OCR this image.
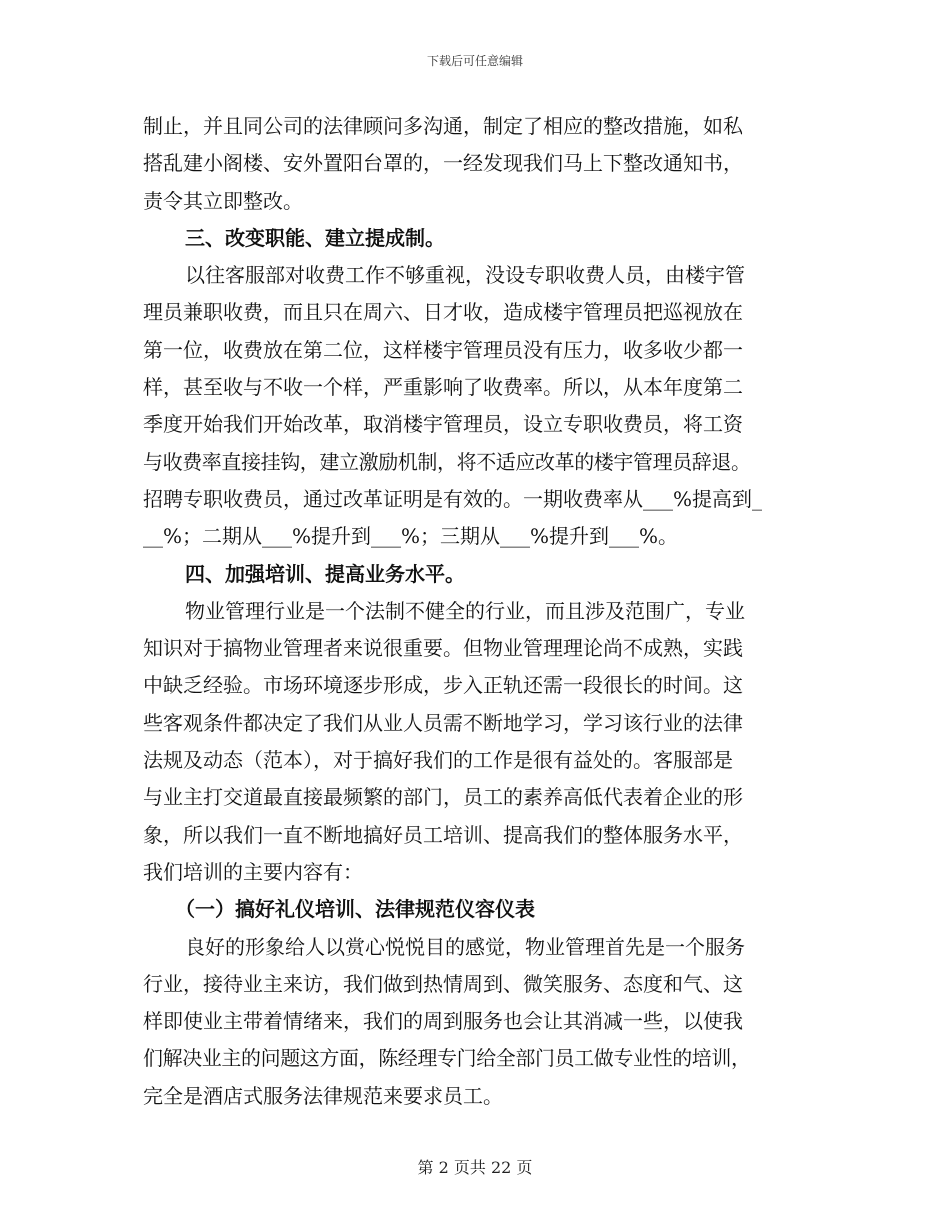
下载后可任意编辑
制止，并且同公司的法律顾问多沟通，制定了相应的整改措施，如私
搭乱建小阁楼、安外置阳台罩的，一经发现我们马上下整改通知书，
责令其立即整改。
三、改变职能、建立提成制。
以往客服部对收费工作不够重视，没设专职收费人员，由楼宇管
理员兼职收费，而且只在周六、日才收，造成楼宇管理员把巡视放在
第一位，收费放在第二位，这样楼宇管理员没有压力，收多收少都一
样，甚至收与不收一个样，严重影响了收费率。所以，从本年度第二
季度开始我们开始改革，取消楼宇管理员，设立专职收费员，将工资
与收费率直接挂钩，建立激励机制，将不适应改革的楼宇管理员辞退。
招聘专职收费员，通过改革证明是有效的。一期收费率从___%提高到_
__%；二期从___%提升到___%；三期从___%提升到___%。
四、加强培训、提高业务水平。
物业管理行业是一个法制不健全的行业，而且涉及范围广，专业
知识对于搞物业管理者来说很重要。但物业管理理论尚不成熟，实践
中缺乏经验。市场环境逐步形成，步入正轨还需一段很长的时间。这
些客观条件都决定了我们从业人员需不断地学习，学习该行业的法律
法规及动态（范本），对于搞好我们的工作是很有益处的。客服部是
与业主打交道最直接最频繁的部门，员工的素养高低代表着企业的形
象，所以我们一直不断地搞好员工培训、提高我们的整体服务水平，
我们培训的主要内容有：
（一）搞好礼仪培训、法律规范仪容仪表
良好的形象给人以赏心悦悦目的感觉，物业管理首先是一个服务
行业，接待业主来访，我们做到热情周到、微笑服务、态度和气、这
样即使业主带着情绪来，我们的周到服务也会让其消减一些，以使我
们解决业主的问题这方面，陈经理专门给全部门员工做专业性的培训，
完全是酒店式服务法律规范来要求员工。
第 2 页共 22 页
